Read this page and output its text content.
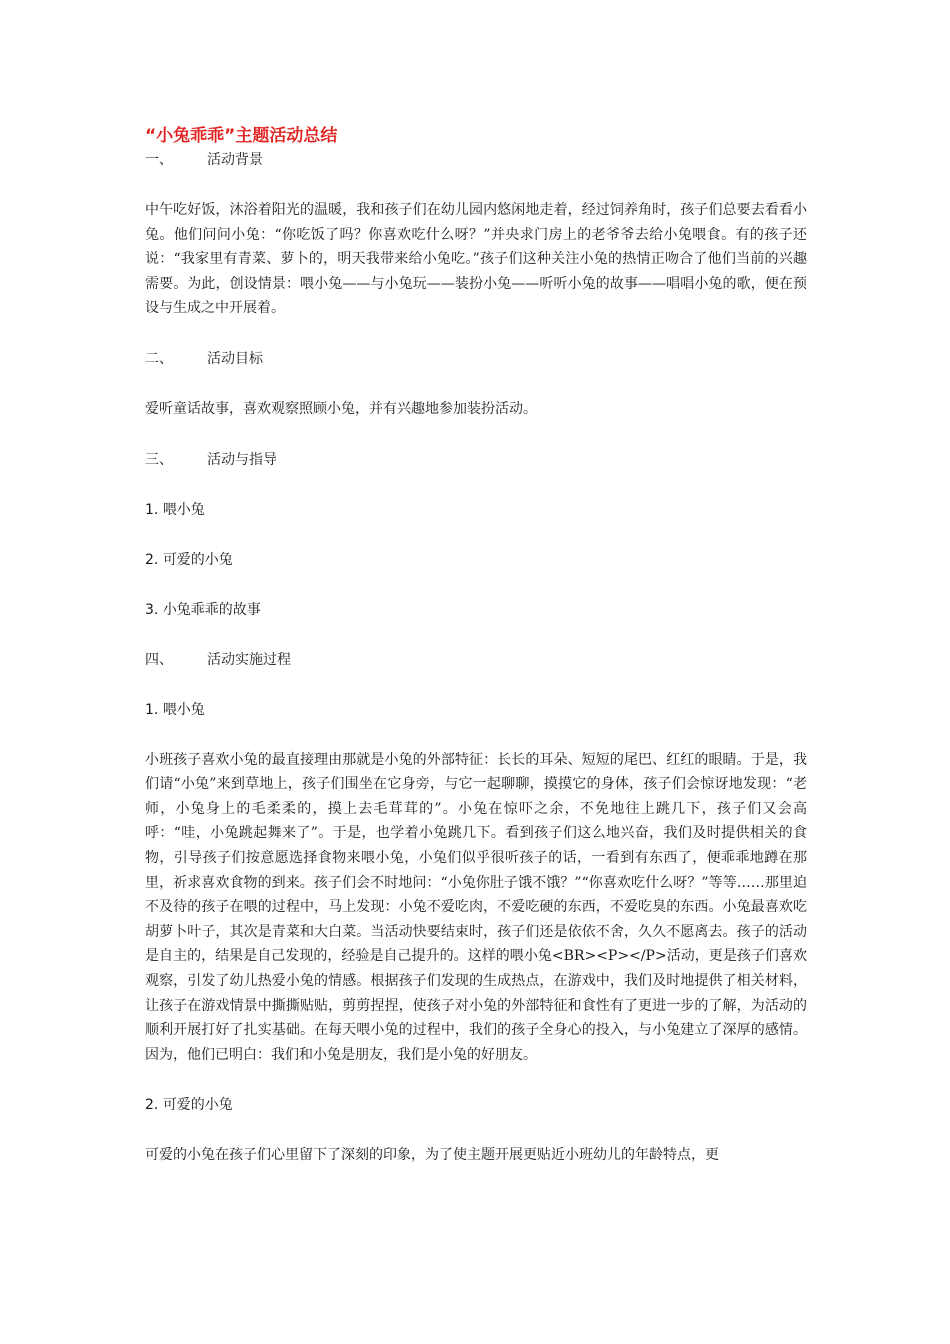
“小兔乖乖”主题活动总结

一、 活动背景

中午吃好饭，沐浴着阳光的温暖，我和孩子们在幼儿园内悠闲地走着，经过饲养角时，孩子们总要去看看小兔。他们问问小兔：“你吃饭了吗？你喜欢吃什么呀？”并央求门房上的老爷爷去给小兔喂食。有的孩子还说：“我家里有青菜、萝卜的，明天我带来给小兔吃。”孩子们这种关注小兔的热情正吻合了他们当前的兴趣需要。为此，创设情景：喂小兔——与小兔玩——装扮小兔——听听小兔的故事——唱唱小兔的歌，便在预设与生成之中开展着。

二、 活动目标

爱听童话故事，喜欢观察照顾小兔，并有兴趣地参加装扮活动。

三、 活动与指导

1. 喂小兔

2. 可爱的小兔

3. 小兔乖乖的故事

四、 活动实施过程

1. 喂小兔

小班孩子喜欢小兔的最直接理由那就是小兔的外部特征：长长的耳朵、短短的尾巴、红红的眼睛。于是，我们请“小兔”来到草地上，孩子们围坐在它身旁，与它一起聊聊，摸摸它的身体，孩子们会惊讶地发现：“老师，小兔身上的毛柔柔的，摸上去毛茸茸的”。小兔在惊吓之余，不免地往上跳几下，孩子们又会高呼：“哇，小兔跳起舞来了”。于是，也学着小兔跳几下。看到孩子们这么地兴奋，我们及时提供相关的食物，引导孩子们按意愿选择食物来喂小兔，小兔们似乎很听孩子的话，一看到有东西了，便乖乖地蹲在那里，祈求喜欢食物的到来。孩子们会不时地问：“小兔你肚子饿不饿？”“你喜欢吃什么呀？”等等……那里迫不及待的孩子在喂的过程中，马上发现：小兔不爱吃肉，不爱吃硬的东西，不爱吃臭的东西。小兔最喜欢吃胡萝卜叶子，其次是青菜和大白菜。当活动快要结束时，孩子们还是依依不舍，久久不愿离去。孩子的活动是自主的，结果是自己发现的，经验是自己提升的。这样的喂小兔<BR><P></P>活动，更是孩子们喜欢观察，引发了幼儿热爱小兔的情感。根据孩子们发现的生成热点，在游戏中，我们及时地提供了相关材料，让孩子在游戏情景中撕撕贴贴，剪剪捏捏，使孩子对小兔的外部特征和食性有了更进一步的了解，为活动的顺利开展打好了扎实基础。在每天喂小兔的过程中，我们的孩子全身心的投入，与小兔建立了深厚的感情。因为，他们已明白：我们和小兔是朋友，我们是小兔的好朋友。

2. 可爱的小兔

可爱的小兔在孩子们心里留下了深刻的印象，为了使主题开展更贴近小班幼儿的年龄特点，更
